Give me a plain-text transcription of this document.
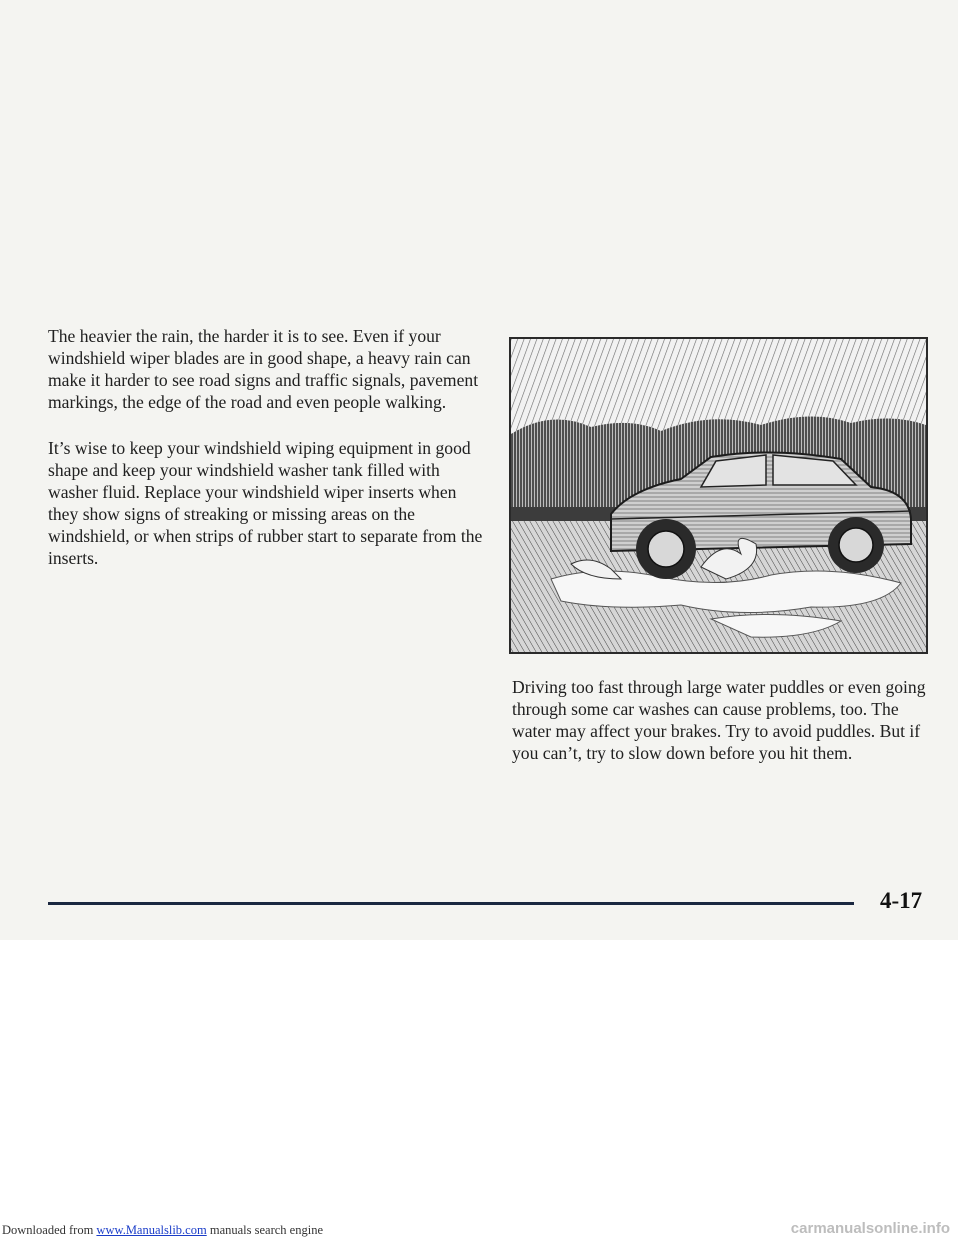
The heavier the rain, the harder it is to see. Even if your windshield wiper blades are in good shape, a heavy rain can make it harder to see road signs and traffic signals, pavement markings, the edge of the road and even people walking.

It’s wise to keep your windshield wiping equipment in good shape and keep your windshield washer tank filled with washer fluid. Replace your windshield wiper inserts when they show signs of streaking or missing areas on the windshield, or when strips of rubber start to separate from the inserts.

Driving too fast through large water puddles or even going through some car washes can cause problems, too. The water may affect your brakes. Try to avoid puddles. But if you can’t, try to slow down before you hit them.

4-17
Downloaded from www.Manualslib.com manuals search engine	carmanualsonline.info
